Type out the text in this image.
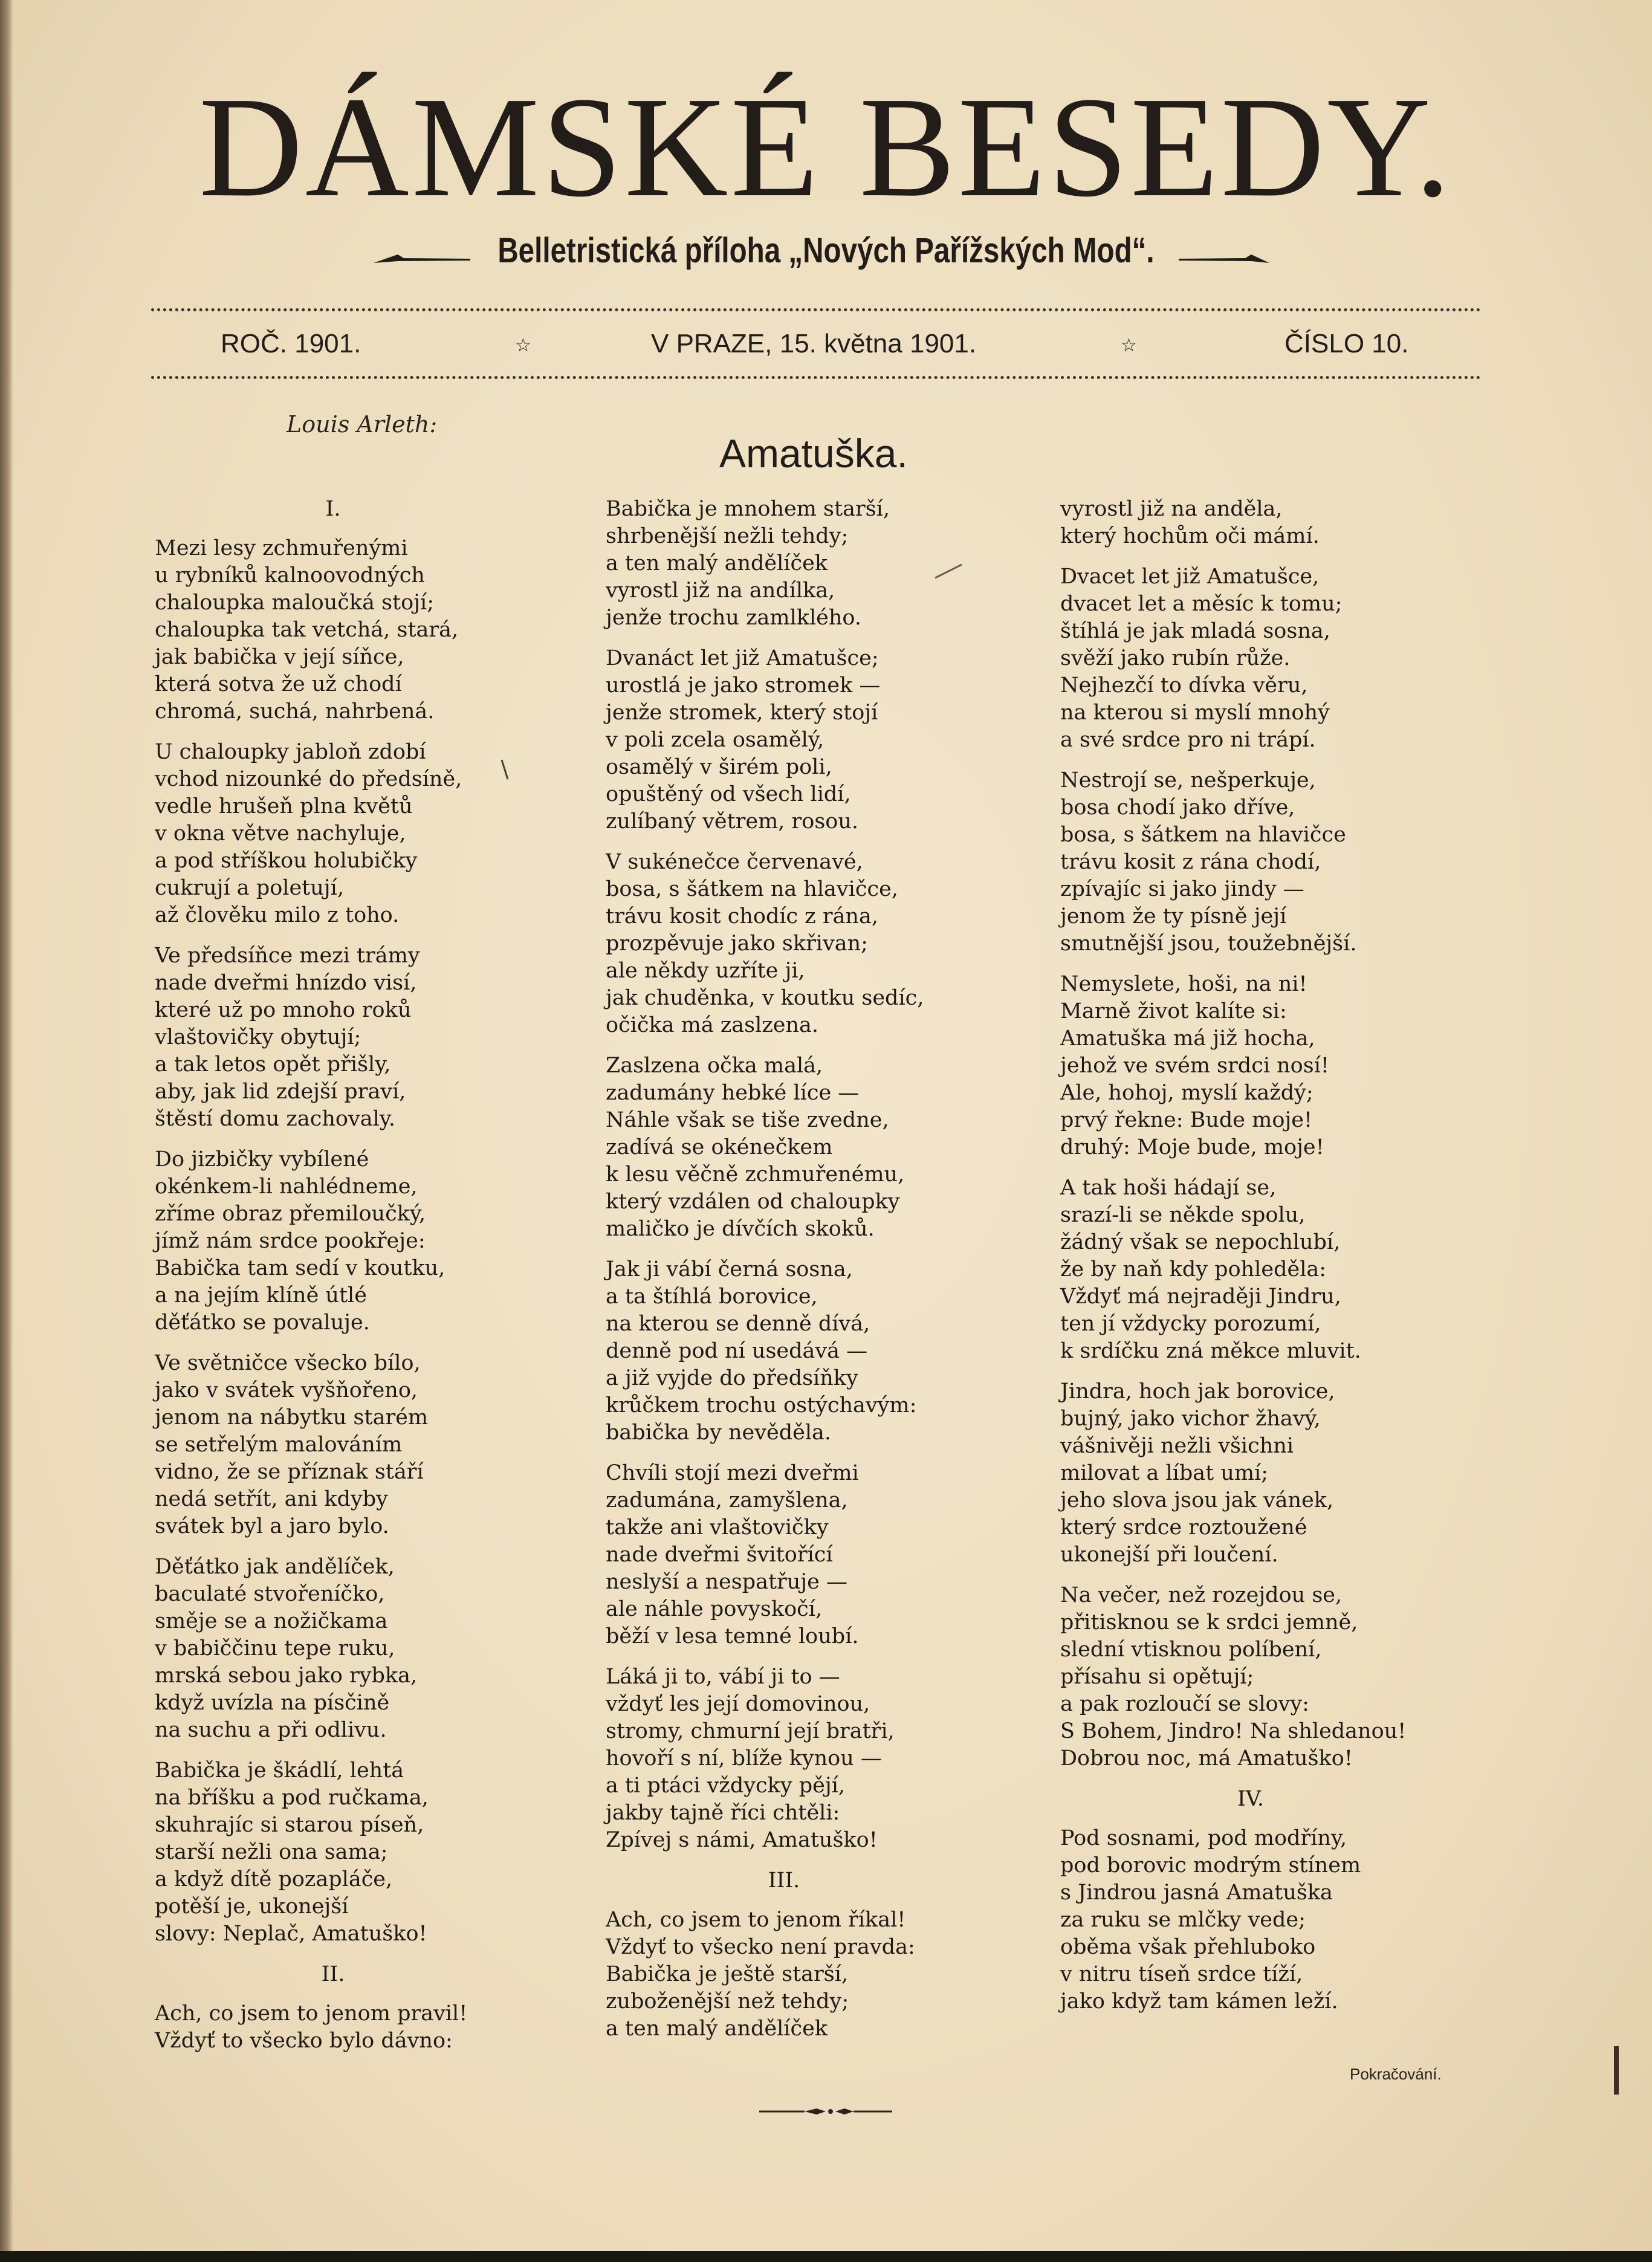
DÁMSKÉ BESEDY.
Belletristická příloha „Nových Pařížských Mod“.
ROČ. 1901.	☆	V PRAZE, 15. května 1901.	☆	ČÍSLO 10.
Louis Arleth:
Amatuška.
I.
Mezi lesy zchmuřenými
u rybníků kalnoovodných
chaloupka maloučká stojí;
chaloupka tak vetchá, stará,
jak babička v její síňce,
která sotva že už chodí
chromá, suchá, nahrbená.
U chaloupky jabloň zdobí
vchod nizounké do předsíně,
vedle hrušeň plna květů
v okna větve nachyluje,
a pod stříškou holubičky
cukrují a poletují,
až člověku milo z toho.
Ve předsíňce mezi trámy
nade dveřmi hnízdo visí,
které už po mnoho roků
vlaštovičky obytují;
a tak letos opět přišly,
aby, jak lid zdejší praví,
štěstí domu zachovaly.
Do jizbičky vybílené
okénkem-li nahlédneme,
zříme obraz přemiloučký,
jímž nám srdce pookřeje:
Babička tam sedí v koutku,
a na jejím klíně útlé
děťátko se povaluje.
Ve světničce všecko bílo,
jako v svátek vyšňořeno,
jenom na nábytku starém
se setřelým malováním
vidno, že se příznak stáří
nedá setřít, ani kdyby
svátek byl a jaro bylo.
Děťátko jak andělíček,
baculaté stvořeníčko,
směje se a nožičkama
v babiččinu tepe ruku,
mrská sebou jako rybka,
když uvízla na písčině
na suchu a při odlivu.
Babička je škádlí, lehtá
na bříšku a pod ručkama,
skuhrajíc si starou píseň,
starší nežli ona sama;
a když dítě pozapláče,
potěší je, ukonejší
slovy: Neplač, Amatuško!
II.
Ach, co jsem to jenom pravil!
Vždyť to všecko bylo dávno:
Babička je mnohem starší,
shrbenější nežli tehdy;
a ten malý andělíček
vyrostl již na andílka,
jenže trochu zamlklého.
Dvanáct let již Amatušce;
urostlá je jako stromek —
jenže stromek, který stojí
v poli zcela osamělý,
osamělý v širém poli,
opuštěný od všech lidí,
zulíbaný větrem, rosou.
V sukénečce červenavé,
bosa, s šátkem na hlavičce,
trávu kosit chodíc z rána,
prozpěvuje jako skřivan;
ale někdy uzříte ji,
jak chuděnka, v koutku sedíc,
očička má zaslzena.
Zaslzena očka malá,
zadumány hebké líce —
Náhle však se tiše zvedne,
zadívá se okénečkem
k lesu věčně zchmuřenému,
který vzdálen od chaloupky
maličko je dívčích skoků.
Jak ji vábí černá sosna,
a ta štíhlá borovice,
na kterou se denně dívá,
denně pod ní usedává —
a již vyjde do předsíňky
krůčkem trochu ostýchavým:
babička by nevěděla.
Chvíli stojí mezi dveřmi
zadumána, zamyšlena,
takže ani vlaštovičky
nade dveřmi švitořící
neslyší a nespatřuje —
ale náhle povyskočí,
běží v lesa temné loubí.
Láká ji to, vábí ji to —
vždyť les její domovinou,
stromy, chmurní její bratři,
hovoří s ní, blíže kynou —
a ti ptáci vždycky pějí,
jakby tajně říci chtěli:
Zpívej s námi, Amatuško!
III.
Ach, co jsem to jenom říkal!
Vždyť to všecko není pravda:
Babička je ještě starší,
zuboženější než tehdy;
a ten malý andělíček
vyrostl již na anděla,
který hochům oči mámí.
Dvacet let již Amatušce,
dvacet let a měsíc k tomu;
štíhlá je jak mladá sosna,
svěží jako rubín růže.
Nejhezčí to dívka věru,
na kterou si myslí mnohý
a své srdce pro ni trápí.
Nestrojí se, nešperkuje,
bosa chodí jako dříve,
bosa, s šátkem na hlavičce
trávu kosit z rána chodí,
zpívajíc si jako jindy —
jenom že ty písně její
smutnější jsou, toužebnější.
Nemyslete, hoši, na ni!
Marně život kalíte si:
Amatuška má již hocha,
jehož ve svém srdci nosí!
Ale, hohoj, myslí každý;
prvý řekne: Bude moje!
druhý: Moje bude, moje!
A tak hoši hádají se,
srazí-li se někde spolu,
žádný však se nepochlubí,
že by naň kdy pohleděla:
Vždyť má nejraději Jindru,
ten jí vždycky porozumí,
k srdíčku zná měkce mluvit.
Jindra, hoch jak borovice,
bujný, jako vichor žhavý,
vášnivěji nežli všichni
milovat a líbat umí;
jeho slova jsou jak vánek,
který srdce roztoužené
ukonejší při loučení.
Na večer, než rozejdou se,
přitisknou se k srdci jemně,
slední vtisknou políbení,
přísahu si opětují;
a pak rozloučí se slovy:
S Bohem, Jindro! Na shledanou!
Dobrou noc, má Amatuško!
IV.
Pod sosnami, pod modříny,
pod borovic modrým stínem
s Jindrou jasná Amatuška
za ruku se mlčky vede;
oběma však přehluboko
v nitru tíseň srdce tíží,
jako když tam kámen leží.
Pokračování.
